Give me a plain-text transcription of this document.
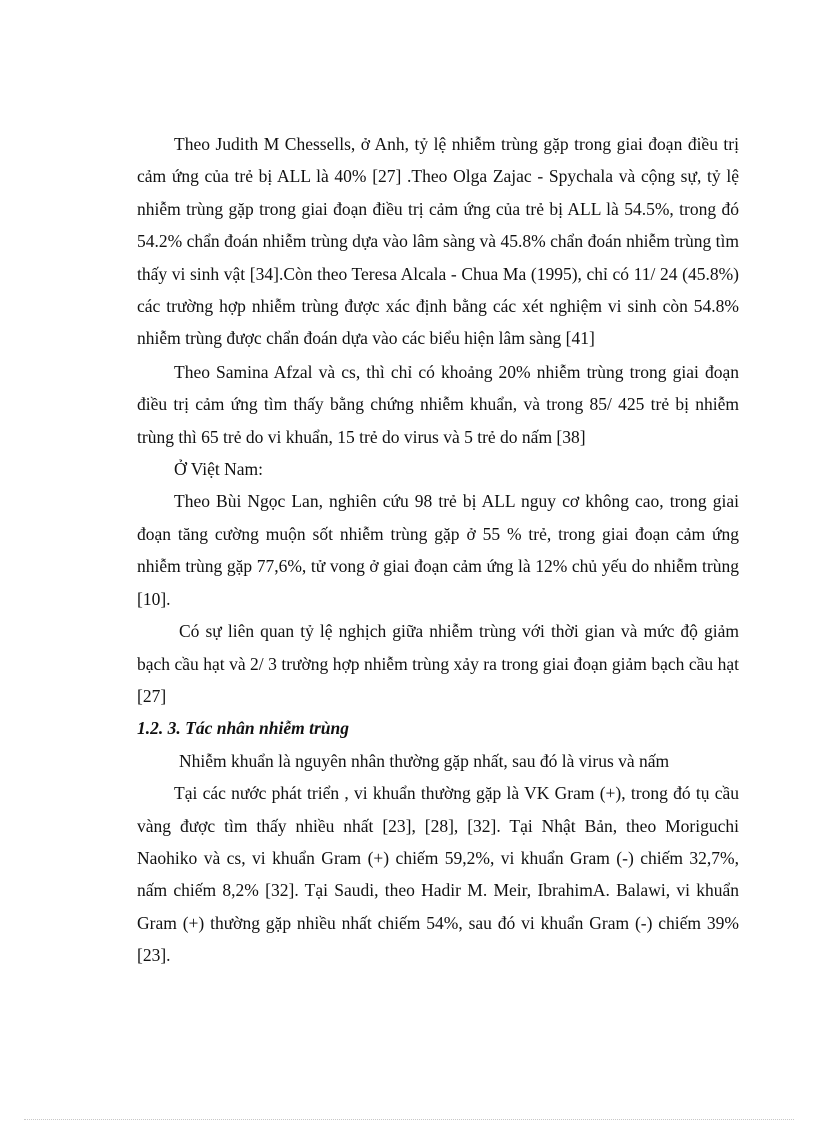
Theo Judith M Chessells, ở Anh, tỷ lệ nhiễm trùng gặp trong giai đoạn điều trị cảm ứng của trẻ bị ALL là 40% [27] .Theo Olga Zajac - Spychala và cộng sự, tỷ lệ nhiễm trùng gặp trong giai đoạn điều trị cảm ứng của trẻ bị ALL là 54.5%, trong đó 54.2% chẩn đoán nhiễm trùng dựa vào lâm sàng và 45.8% chẩn đoán nhiễm trùng tìm thấy vi sinh vật [34].Còn theo Teresa Alcala - Chua Ma (1995), chỉ có 11/ 24 (45.8%) các trường hợp nhiễm trùng được xác định bằng các xét nghiệm vi sinh còn 54.8% nhiễm trùng được chẩn đoán dựa vào các biểu hiện lâm sàng [41]

Theo Samina Afzal và cs, thì chỉ có khoảng 20% nhiễm trùng trong giai đoạn điều trị cảm ứng tìm thấy bằng chứng nhiễm khuẩn, và trong 85/ 425 trẻ bị nhiễm trùng thì 65 trẻ do vi khuẩn, 15 trẻ do virus và 5 trẻ do nấm [38]

Ở Việt Nam:

Theo Bùi Ngọc Lan, nghiên cứu 98 trẻ bị ALL nguy cơ không cao, trong giai đoạn tăng cường muộn sốt nhiễm trùng gặp ở 55 % trẻ, trong giai đoạn cảm ứng nhiễm trùng gặp 77,6%, tử vong ở giai đoạn cảm ứng là 12% chủ yếu do nhiễm trùng [10].

Có sự liên quan tỷ lệ nghịch giữa nhiễm trùng với thời gian và mức độ giảm bạch cầu hạt và 2/ 3 trường hợp nhiễm trùng xảy ra trong giai đoạn giảm bạch cầu hạt [27]

1.2. 3. Tác nhân nhiễm trùng

Nhiễm khuẩn là nguyên nhân thường gặp nhất, sau đó là virus và nấm

Tại các nước phát triển , vi khuẩn thường gặp là VK Gram (+), trong đó tụ cầu vàng được tìm thấy nhiều nhất [23], [28], [32]. Tại Nhật Bản, theo Moriguchi Naohiko và cs, vi khuẩn Gram (+) chiếm 59,2%, vi khuẩn Gram (-) chiếm 32,7%, nấm chiếm 8,2% [32]. Tại Saudi, theo Hadir M. Meir, IbrahimA. Balawi, vi khuẩn Gram (+) thường gặp nhiều nhất chiếm 54%, sau đó vi khuẩn Gram (-) chiếm 39% [23].
